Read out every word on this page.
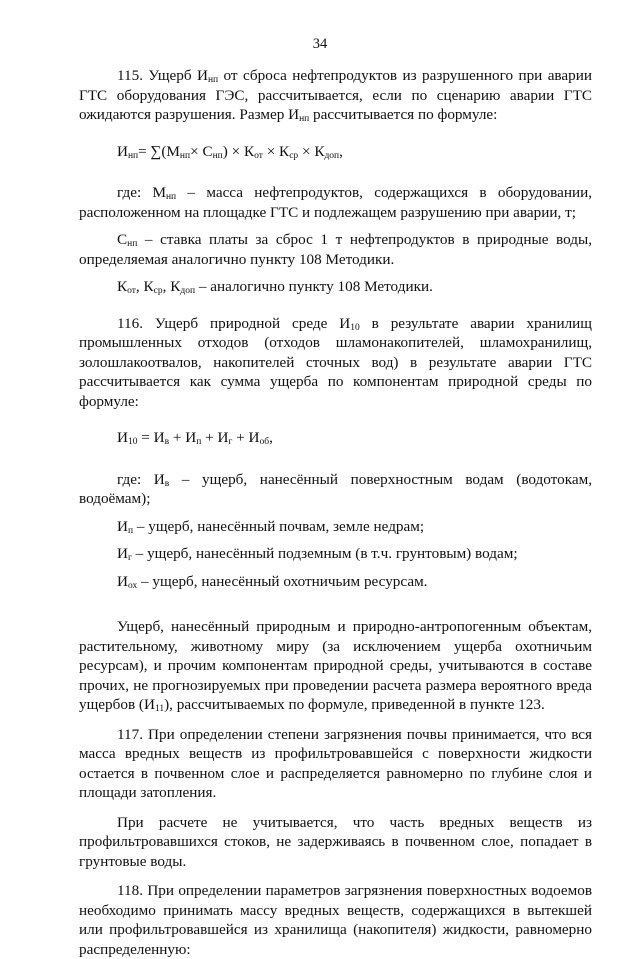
34

115. Ущерб $И_{нп}$ от сброса нефтепродуктов из разрушенного при аварии ГТС оборудования ГЭС, рассчитывается, если по сценарию аварии ГТС ожидаются разрушения. Размер $И_{нп}$ рассчитывается по формуле:

$И_{нп}= \sum(М_{нп}\times С_{нп}) \times К_{от} \times К_{ср} \times К_{доп}$,

где: $М_{нп}$ – масса нефтепродуктов, содержащихся в оборудовании, расположенном на площадке ГТС и подлежащем разрушению при аварии, т;

$С_{нп}$ – ставка платы за сброс 1 т нефтепродуктов в природные воды, определяемая аналогично пункту 108 Методики.

$К_{от}$, $К_{ср}$, $К_{доп}$ – аналогично пункту 108 Методики.

116. Ущерб природной среде $И_{10}$ в результате аварии хранилищ промышленных отходов (отходов шламонакопителей, шламохранилищ, золошлакоотвалов, накопителей сточных вод) в результате аварии ГТС рассчитывается как сумма ущерба по компонентам природной среды по формуле:

$И_{10} = И_в + И_п + И_г + И_{об}$,

где: $И_в$ – ущерб, нанесённый поверхностным водам (водотокам, водоёмам);

$И_п$ – ущерб, нанесённый почвам, земле недрам;

$И_г$ – ущерб, нанесённый подземным (в т.ч. грунтовым) водам;

$И_{ох}$ – ущерб, нанесённый охотничьим ресурсам.

Ущерб, нанесённый природным и природно-антропогенным объектам, растительному, животному миру (за исключением ущерба охотничьим ресурсам), и прочим компонентам природной среды, учитываются в составе прочих, не прогнозируемых при проведении расчета размера вероятного вреда ущербов $(И_{11})$, рассчитываемых по формуле, приведенной в пункте 123.

117. При определении степени загрязнения почвы принимается, что вся масса вредных веществ из профильтровавшейся с поверхности жидкости остается в почвенном слое и распределяется равномерно по глубине слоя и площади затопления.

При расчете не учитывается, что часть вредных веществ из профильтровавшихся стоков, не задерживаясь в почвенном слое, попадает в грунтовые воды.

118. При определении параметров загрязнения поверхностных водоемов необходимо принимать массу вредных веществ, содержащихся в вытекшей или профильтровавшейся из хранилища (накопителя) жидкости, равномерно распределенную:
